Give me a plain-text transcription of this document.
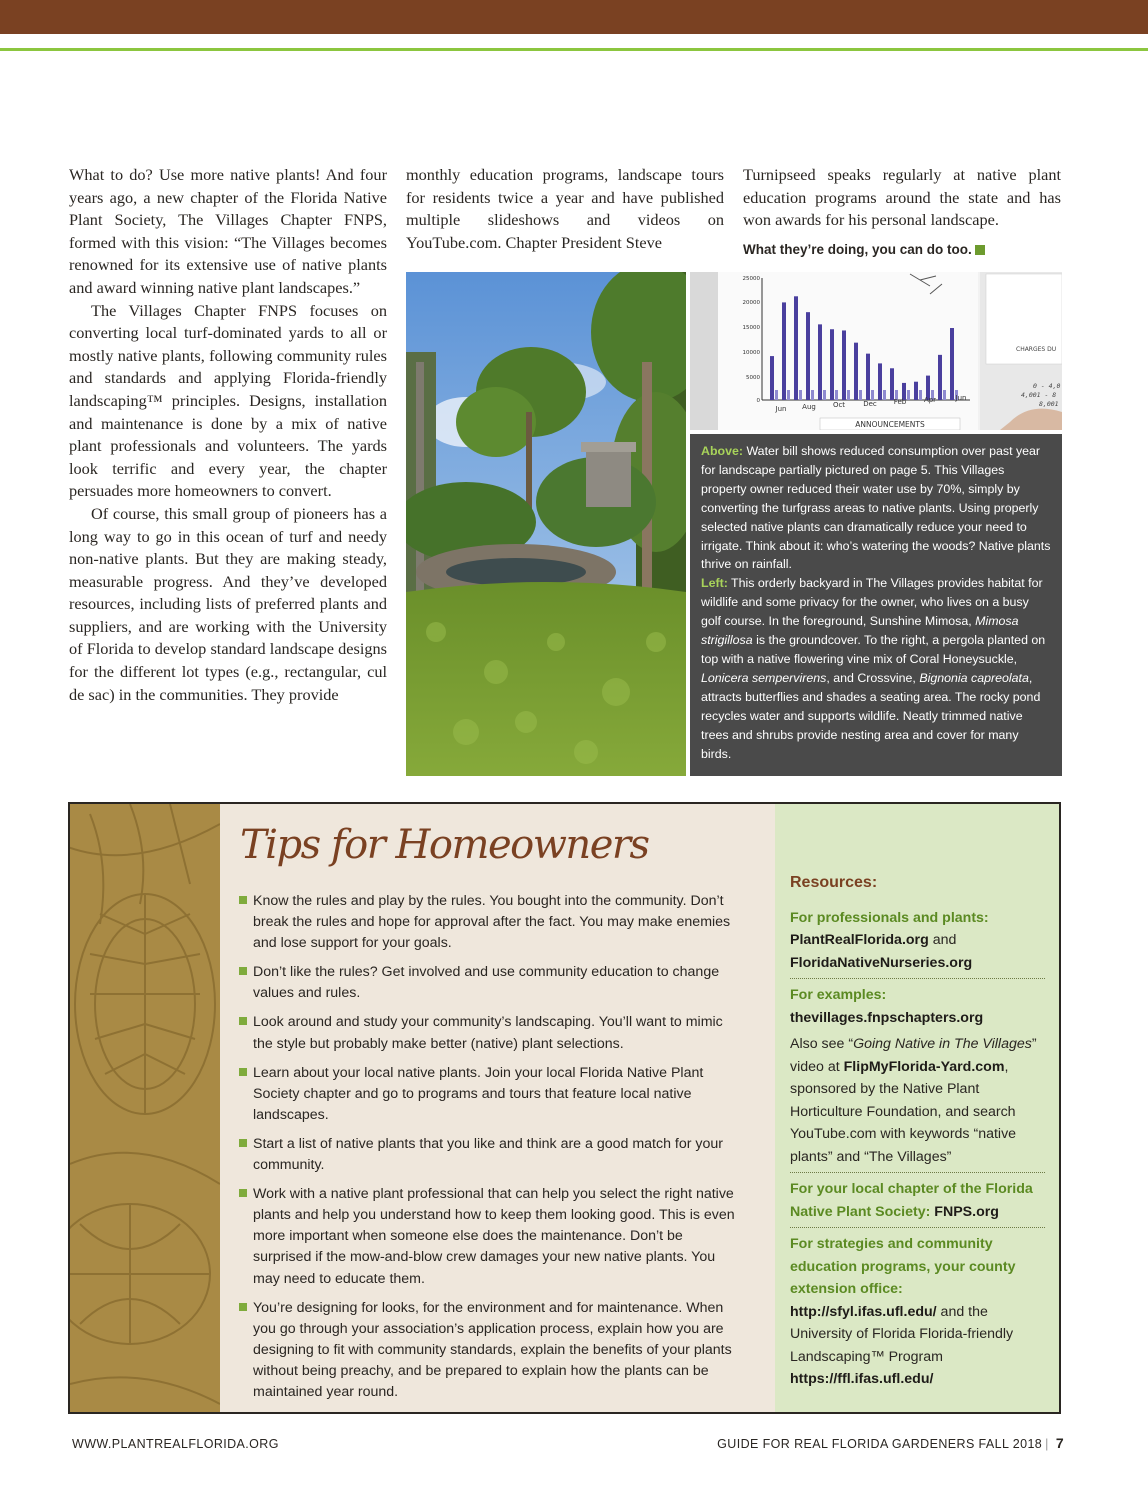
What to do? Use more native plants! And four years ago, a new chapter of the Florida Native Plant Society, The Villages Chapter FNPS, formed with this vision: “The Villages becomes renowned for its extensive use of native plants and award winning native plant landscapes.”

The Villages Chapter FNPS focuses on converting local turf-dominated yards to all or mostly native plants, following community rules and standards and applying Florida-friendly landscaping™ principles. Designs, installation and maintenance is done by a mix of native plant professionals and volunteers. The yards look terrific and every year, the chapter persuades more homeowners to convert.

Of course, this small group of pioneers has a long way to go in this ocean of turf and needy non-native plants. But they are making steady, measurable progress. And they’ve developed resources, including lists of preferred plants and suppliers, and are working with the University of Florida to develop standard landscape designs for the different lot types (e.g., rectangular, cul de sac) in the communities. They provide

monthly education programs, landscape tours for residents twice a year and have published multiple slideshows and videos on YouTube.com. Chapter President Steve

Turnipseed speaks regularly at native plant education programs around the state and has won awards for his personal landscape.

What they’re doing, you can do too.
25000
20000
15000
10000
5000
0
Jun Aug Oct	Dec Feb	Apr	Jun
ANNOUNCEMENTS
CHARGES DU
0 - 4,0
4,001 - 8
8,001

Above: Water bill shows reduced consumption over past year for landscape partially pictured on page 5. This Villages property owner reduced their water use by 70%, simply by converting the turfgrass areas to native plants. Using properly selected native plants can dramatically reduce your need to irrigate. Think about it: who’s watering the woods? Native plants thrive on rainfall.

Left: This orderly backyard in The Villages provides habitat for wildlife and some privacy for the owner, who lives on a busy golf course. In the foreground, Sunshine Mimosa, Mimosa strigillosa is the groundcover. To the right, a pergola planted on top with a native flowering vine mix of Coral Honeysuckle, Lonicera sempervirens, and Crossvine, Bignonia capreolata, attracts butterflies and shades a seating area. The rocky pond recycles water and supports wildlife. Neatly trimmed native trees and shrubs provide nesting area and cover for many birds.

Tips for Homeowners
Know the rules and play by the rules. You bought into the community. Don’t break the rules and hope for approval after the fact. You may make enemies and lose support for your goals.
Don’t like the rules? Get involved and use community education to change values and rules.
Look around and study your community’s landscaping. You’ll want to mimic the style but probably make better (native) plant selections.
Learn about your local native plants. Join your local Florida Native Plant Society chapter and go to programs and tours that feature local native landscapes.
Start a list of native plants that you like and think are a good match for your community.
Work with a native plant professional that can help you select the right native plants and help you understand how to keep them looking good. This is even more important when someone else does the maintenance. Don’t be surprised if the mow-and-blow crew damages your new native plants. You may need to educate them.
You’re designing for looks, for the environment and for maintenance. When you go through your association’s application process, explain how you are designing to fit with community standards, explain the benefits of your plants without being preachy, and be prepared to explain how the plants can be maintained year round.
Resources:
For professionals and plants:
PlantRealFlorida.org and
FloridaNativeNurseries.org
For examples:
thevillages.fnpschapters.org
Also see “Going Native in The Villages” video at FlipMyFlorida-Yard.com, sponsored by the Native Plant Horticulture Foundation, and search YouTube.com with keywords “native plants” and “The Villages”
For your local chapter of the Florida Native Plant Society: FNPS.org
For strategies and community education programs, your county extension office:
http://sfyl.ifas.ufl.edu/ and the University of Florida Florida-friendly Landscaping™ Program
https://ffl.ifas.ufl.edu/
WWW.PLANTREALFLORIDA.ORG	GUIDE FOR REAL FLORIDA GARDENERS FALL 2018 | 7
